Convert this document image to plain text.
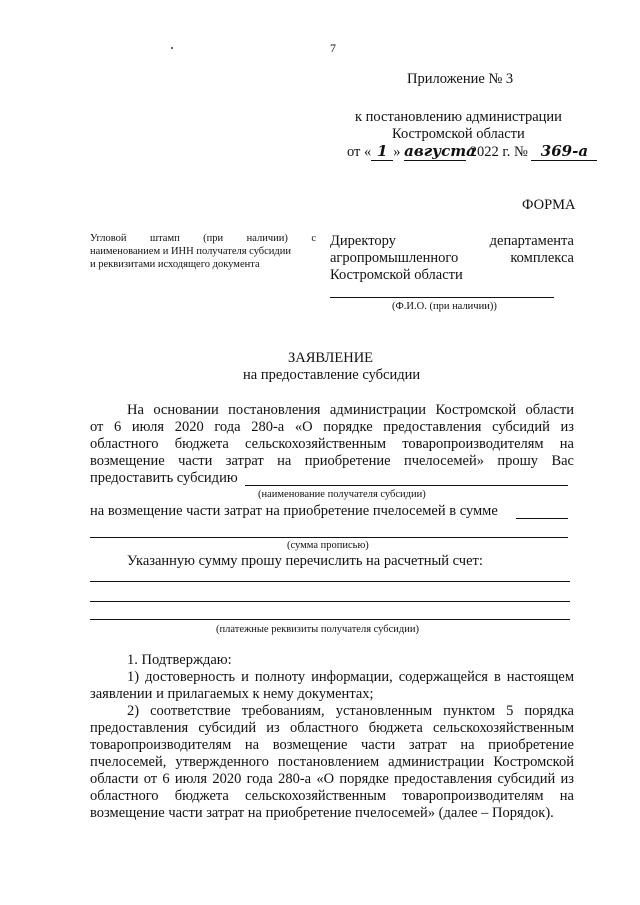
7
Приложение № 3
к постановлению администрации
Костромской области
от « 1 » августа 2022 г. № 369-а
ФОРМА
Угловой штамп (при наличии) с
наименованием и ИНН получателя субсидии
и реквизитами исходящего документа
Директору департамента
агропромышленного комплекса
Костромской области
(Ф.И.О. (при наличии))
ЗАЯВЛЕНИЕ
на предоставление субсидии
На основании постановления администрации Костромской области
от 6 июля 2020 года 280-а «О порядке предоставления субсидий из
областного бюджета сельскохозяйственным товаропроизводителям на
возмещение части затрат на приобретение пчелосемей» прошу Вас
предоставить субсидию
(наименование получателя субсидии)
на возмещение части затрат на приобретение пчелосемей в сумме
(сумма прописью)
Указанную сумму прошу перечислить на расчетный счет:
(платежные реквизиты получателя субсидии)
1. Подтверждаю:
1) достоверность и полноту информации, содержащейся в настоящем
заявлении и прилагаемых к нему документах;
2) соответствие требованиям, установленным пунктом 5 порядка
предоставления субсидий из областного бюджета сельскохозяйственным
товаропроизводителям на возмещение части затрат на приобретение
пчелосемей, утвержденного постановлением администрации Костромской
области от 6 июля 2020 года 280-а «О порядке предоставления субсидий из
областного бюджета сельскохозяйственным товаропроизводителям на
возмещение части затрат на приобретение пчелосемей» (далее – Порядок).
